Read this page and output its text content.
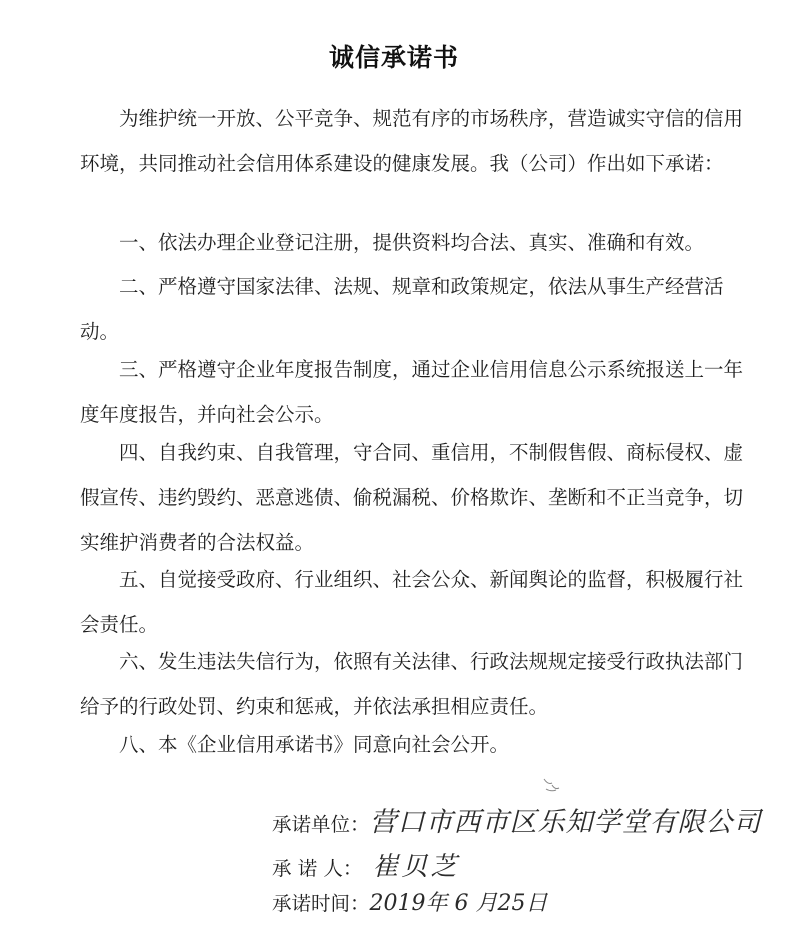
诚信承诺书
为维护统一开放、公平竞争、规范有序的市场秩序，营造诚实守信的信用环境，共同推动社会信用体系建设的健康发展。我（公司）作出如下承诺：
一、依法办理企业登记注册，提供资料均合法、真实、准确和有效。
二、严格遵守国家法律、法规、规章和政策规定，依法从事生产经营活动。
三、严格遵守企业年度报告制度，通过企业信用信息公示系统报送上一年度年度报告，并向社会公示。
四、自我约束、自我管理，守合同、重信用，不制假售假、商标侵权、虚假宣传、违约毁约、恶意逃债、偷税漏税、价格欺诈、垄断和不正当竞争，切实维护消费者的合法权益。
五、自觉接受政府、行业组织、社会公众、新闻舆论的监督，积极履行社会责任。
六、发生违法失信行为，依照有关法律、行政法规规定接受行政执法部门给予的行政处罚、约束和惩戒，并依法承担相应责任。
八、本《企业信用承诺书》同意向社会公开。
承诺单位： 营口市西市区乐知学堂有限公司
承 诺 人： 崔贝芝
承诺时间： 2019年 6 月25日
